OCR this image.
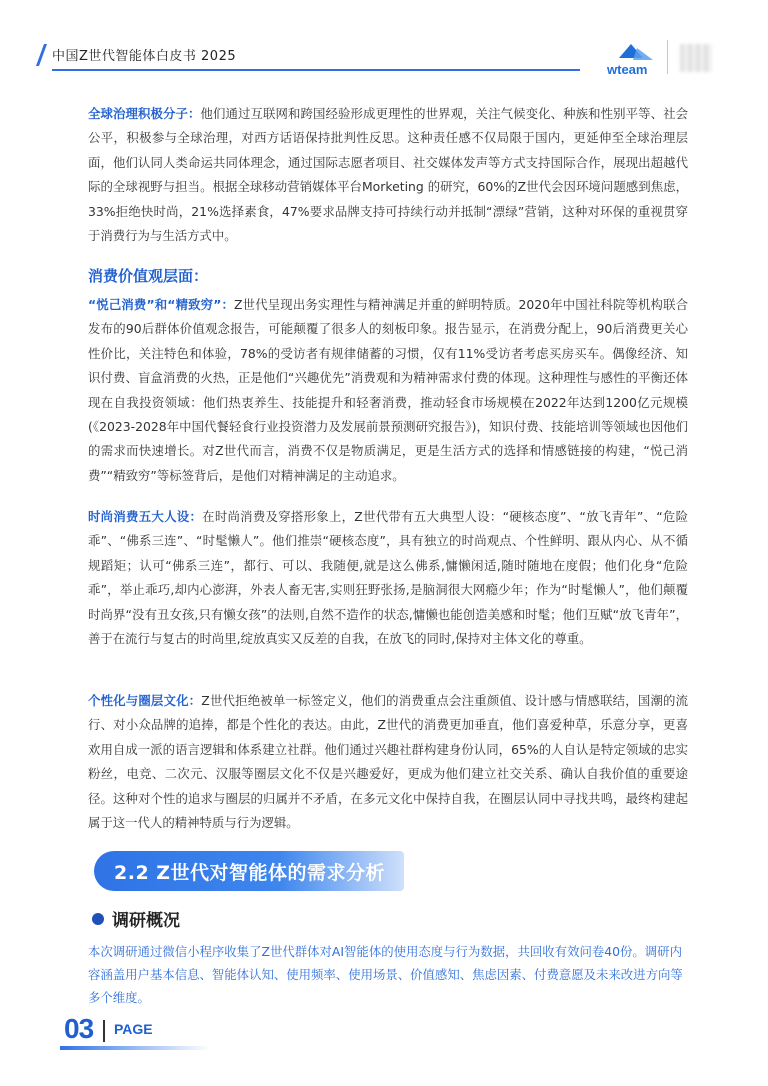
中国Z世代智能体白皮书 2025
wteam
全球治理积极分子：他们通过互联网和跨国经验形成更理性的世界观，关注气候变化、种族和性别平等、社会公平，积极参与全球治理，对西方话语保持批判性反思。这种责任感不仅局限于国内，更延伸至全球治理层面，他们认同人类命运共同体理念，通过国际志愿者项目、社交媒体发声等方式支持国际合作，展现出超越代际的全球视野与担当。根据全球移动营销媒体平台Morketing 的研究，60%的Z世代会因环境问题感到焦虑，33%拒绝快时尚，21%选择素食，47%要求品牌支持可持续行动并抵制“漂绿”营销，这种对环保的重视贯穿于消费行为与生活方式中。
消费价值观层面：
“悦己消费”和“精致穷”：Z世代呈现出务实理性与精神满足并重的鲜明特质。2020年中国社科院等机构联合发布的90后群体价值观念报告，可能颠覆了很多人的刻板印象。报告显示，在消费分配上，90后消费更关心性价比，关注特色和体验，78%的受访者有规律储蓄的习惯，仅有11%受访者考虑买房买车。偶像经济、知识付费、盲盒消费的火热，正是他们“兴趣优先”消费观和为精神需求付费的体现。这种理性与感性的平衡还体现在自我投资领域：他们热衷养生、技能提升和轻奢消费，推动轻食市场规模在2022年达到1200亿元规模(《2023-2028年中国代餐轻食行业投资潜力及发展前景预测研究报告》)，知识付费、技能培训等领域也因他们的需求而快速增长。对Z世代而言，消费不仅是物质满足，更是生活方式的选择和情感链接的构建，“悦己消费”“精致穷”等标签背后，是他们对精神满足的主动追求。
时尚消费五大人设：在时尚消费及穿搭形象上，Z世代带有五大典型人设：“硬核态度”、“放飞青年”、“危险乖”、“佛系三连”、“时髦懒人”。他们推崇“硬核态度”，具有独立的时尚观点、个性鲜明、跟从内心、从不循规蹈矩；认可“佛系三连”，都行、可以、我随便,就是这么佛系,慵懒闲适,随时随地在度假；他们化身“危险乖”，举止乖巧,却内心澎湃，外表人畜无害,实则狂野张扬,是脑洞很大网瘾少年；作为“时髦懒人”，他们颠覆时尚界“没有丑女孩,只有懒女孩”的法则,自然不造作的状态,慵懒也能创造美感和时髦；他们互赋“放飞青年”，善于在流行与复古的时尚里,绽放真实又反差的自我，在放飞的同时,保持对主体文化的尊重。
个性化与圈层文化：Z世代拒绝被单一标签定义，他们的消费重点会注重颜值、设计感与情感联结，国潮的流行、对小众品牌的追捧，都是个性化的表达。由此，Z世代的消费更加垂直，他们喜爱种草，乐意分享，更喜欢用自成一派的语言逻辑和体系建立社群。他们通过兴趣社群构建身份认同，65%的人自认是特定领域的忠实粉丝，电竞、二次元、汉服等圈层文化不仅是兴趣爱好，更成为他们建立社交关系、确认自我价值的重要途径。这种对个性的追求与圈层的归属并不矛盾，在多元文化中保持自我，在圈层认同中寻找共鸣，最终构建起属于这一代人的精神特质与行为逻辑。
2.2 Z世代对智能体的需求分析
调研概况
本次调研通过微信小程序收集了Z世代群体对AI智能体的使用态度与行为数据，共回收有效问卷40份。调研内容涵盖用户基本信息、智能体认知、使用频率、使用场景、价值感知、焦虑因素、付费意愿及未来改进方向等多个维度。
03 PAGE
